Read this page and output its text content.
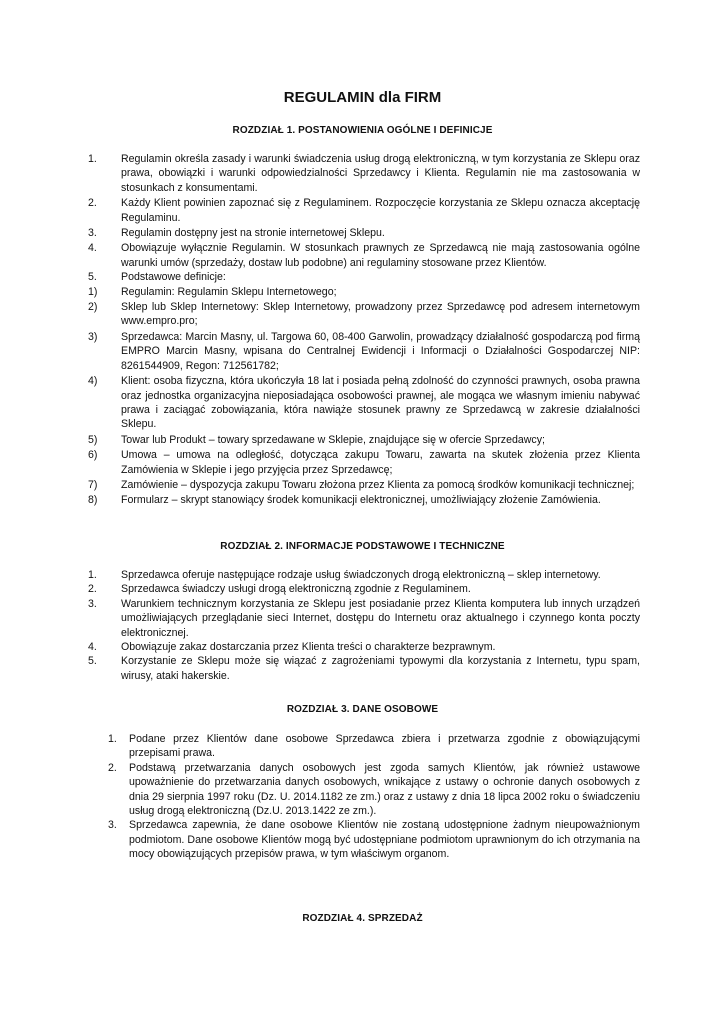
REGULAMIN dla FIRM
ROZDZIAŁ 1. POSTANOWIENIA OGÓLNE I DEFINICJE
1. Regulamin określa zasady i warunki świadczenia usług drogą elektroniczną, w tym korzystania ze Sklepu oraz prawa, obowiązki i warunki odpowiedzialności Sprzedawcy i Klienta. Regulamin nie ma zastosowania w stosunkach z konsumentami.
2. Każdy Klient powinien zapoznać się z Regulaminem. Rozpoczęcie korzystania ze Sklepu oznacza akceptację Regulaminu.
3. Regulamin dostępny jest na stronie internetowej Sklepu.
4. Obowiązuje wyłącznie Regulamin. W stosunkach prawnych ze Sprzedawcą nie mają zastosowania ogólne warunki umów (sprzedaży, dostaw lub podobne) ani regulaminy stosowane przez Klientów.
5. Podstawowe definicje:
1) Regulamin: Regulamin Sklepu Internetowego;
2) Sklep lub Sklep Internetowy: Sklep Internetowy, prowadzony przez Sprzedawcę pod adresem internetowym www.empro.pro;
3) Sprzedawca: Marcin Masny, ul. Targowa 60, 08-400 Garwolin, prowadzący działalność gospodarczą pod firmą EMPRO Marcin Masny, wpisana do Centralnej Ewidencji i Informacji o Działalności Gospodarczej NIP: 8261544909, Regon: 712561782;
4) Klient: osoba fizyczna, która ukończyła 18 lat i posiada pełną zdolność do czynności prawnych, osoba prawna oraz jednostka organizacyjna nieposiadająca osobowości prawnej, ale mogąca we własnym imieniu nabywać prawa i zaciągać zobowiązania, która nawiąże stosunek prawny ze Sprzedawcą w zakresie działalności Sklepu.
5) Towar lub Produkt – towary sprzedawane w Sklepie, znajdujące się w ofercie Sprzedawcy;
6) Umowa – umowa na odległość, dotycząca zakupu Towaru, zawarta na skutek złożenia przez Klienta Zamówienia w Sklepie i jego przyjęcia przez Sprzedawcę;
7) Zamówienie – dyspozycja zakupu Towaru złożona przez Klienta za pomocą środków komunikacji technicznej;
8) Formularz – skrypt stanowiący środek komunikacji elektronicznej, umożliwiający złożenie Zamówienia.
ROZDZIAŁ 2. INFORMACJE PODSTAWOWE I TECHNICZNE
1. Sprzedawca oferuje następujące rodzaje usług świadczonych drogą elektroniczną – sklep internetowy.
2. Sprzedawca świadczy usługi drogą elektroniczną zgodnie z Regulaminem.
3. Warunkiem technicznym korzystania ze Sklepu jest posiadanie przez Klienta komputera lub innych urządzeń umożliwiających przeglądanie sieci Internet, dostępu do Internetu oraz aktualnego i czynnego konta poczty elektronicznej.
4. Obowiązuje zakaz dostarczania przez Klienta treści o charakterze bezprawnym.
5. Korzystanie ze Sklepu może się wiązać z zagrożeniami typowymi dla korzystania z Internetu, typu spam, wirusy, ataki hakerskie.
ROZDZIAŁ 3. DANE OSOBOWE
1. Podane przez Klientów dane osobowe Sprzedawca zbiera i przetwarza zgodnie z obowiązującymi przepisami prawa.
2. Podstawą przetwarzania danych osobowych jest zgoda samych Klientów, jak również ustawowe upoważnienie do przetwarzania danych osobowych, wnikające z ustawy o ochronie danych osobowych z dnia 29 sierpnia 1997 roku (Dz. U. 2014.1182 ze zm.) oraz z ustawy z dnia 18 lipca 2002 roku o świadczeniu usług drogą elektroniczną (Dz.U. 2013.1422 ze zm.).
3. Sprzedawca zapewnia, że dane osobowe Klientów nie zostaną udostępnione żadnym nieupoważnionym podmiotom. Dane osobowe Klientów mogą być udostępniane podmiotom uprawnionym do ich otrzymania na mocy obowiązujących przepisów prawa, w tym właściwym organom.
ROZDZIAŁ 4. SPRZEDAŻ
